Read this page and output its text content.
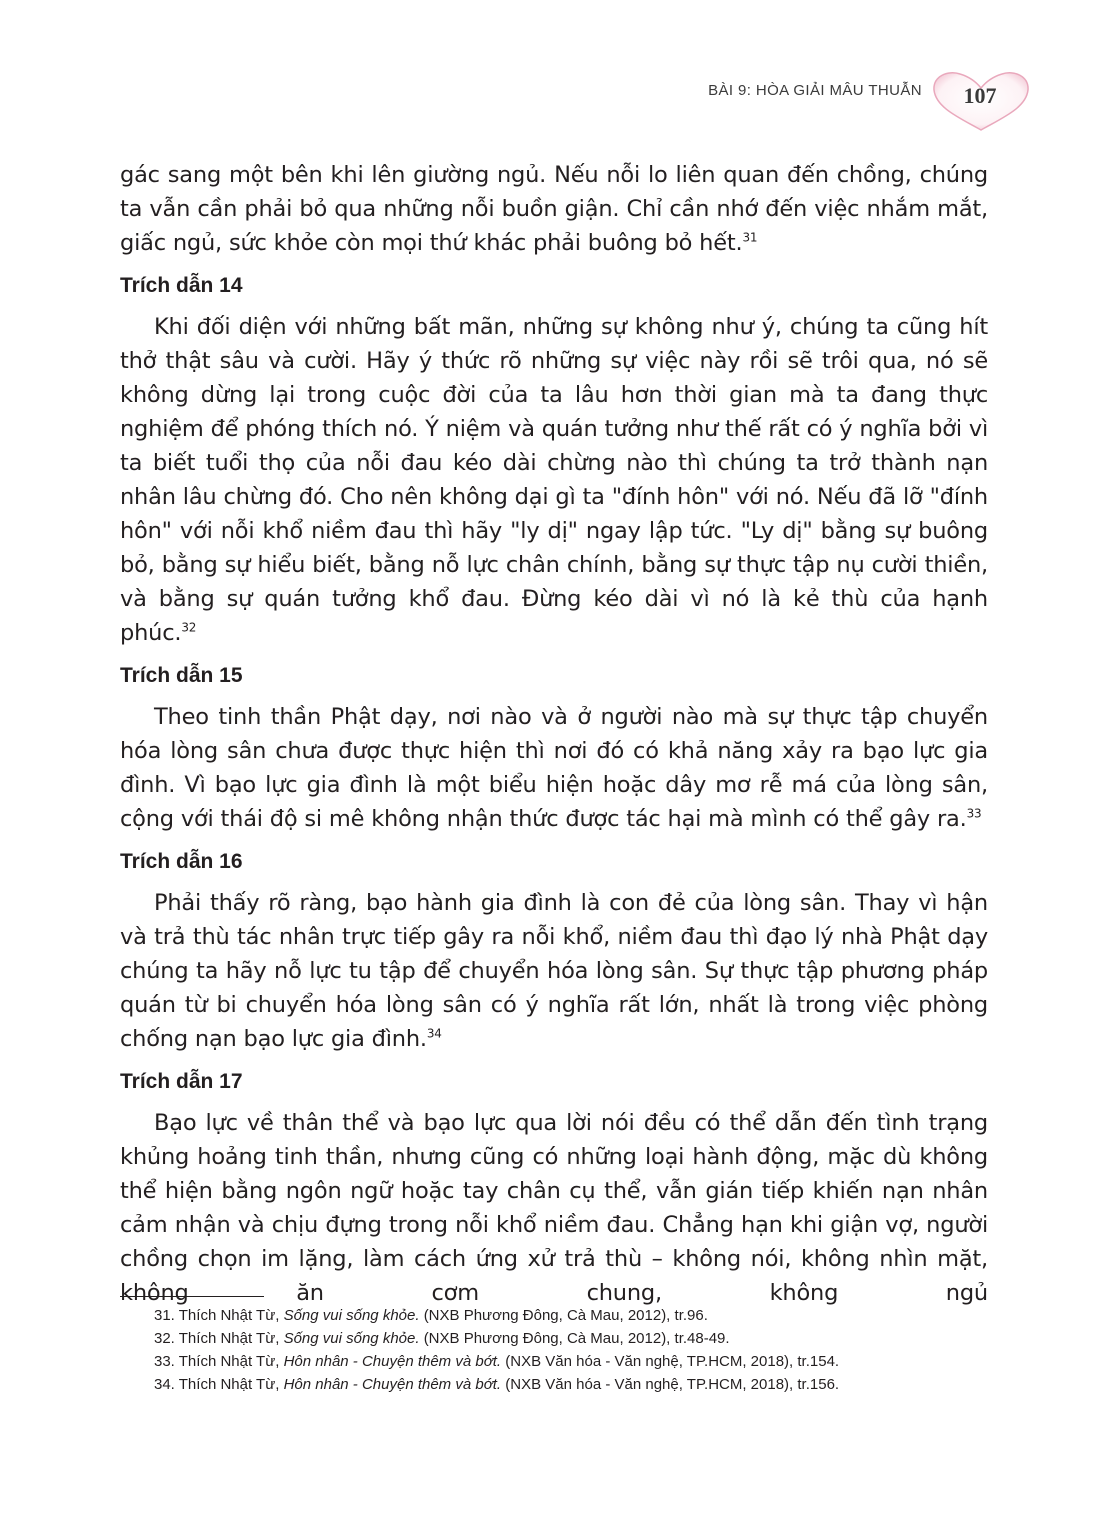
BÀI 9: HÒA GIẢI MÂU THUẪN	107

gác sang một bên khi lên giường ngủ. Nếu nỗi lo liên quan đến chồng, chúng ta vẫn cần phải bỏ qua những nỗi buồn giận. Chỉ cần nhớ đến việc nhắm mắt, giấc ngủ, sức khỏe còn mọi thứ khác phải buông bỏ hết.$^{31}$

Trích dẫn 14

Khi đối diện với những bất mãn, những sự không như ý, chúng ta cũng hít thở thật sâu và cười. Hãy ý thức rõ những sự việc này rồi sẽ trôi qua, nó sẽ không dừng lại trong cuộc đời của ta lâu hơn thời gian mà ta đang thực nghiệm để phóng thích nó. Ý niệm và quán tưởng như thế rất có ý nghĩa bởi vì ta biết tuổi thọ của nỗi đau kéo dài chừng nào thì chúng ta trở thành nạn nhân lâu chừng đó. Cho nên không dại gì ta "đính hôn" với nó. Nếu đã lỡ "đính hôn" với nỗi khổ niềm đau thì hãy "ly dị" ngay lập tức. "Ly dị" bằng sự buông bỏ, bằng sự hiểu biết, bằng nỗ lực chân chính, bằng sự thực tập nụ cười thiền, và bằng sự quán tưởng khổ đau. Đừng kéo dài vì nó là kẻ thù của hạnh phúc.$^{32}$

Trích dẫn 15

Theo tinh thần Phật dạy, nơi nào và ở người nào mà sự thực tập chuyển hóa lòng sân chưa được thực hiện thì nơi đó có khả năng xảy ra bạo lực gia đình. Vì bạo lực gia đình là một biểu hiện hoặc dây mơ rễ má của lòng sân, cộng với thái độ si mê không nhận thức được tác hại mà mình có thể gây ra.$^{33}$

Trích dẫn 16

Phải thấy rõ ràng, bạo hành gia đình là con đẻ của lòng sân. Thay vì hận và trả thù tác nhân trực tiếp gây ra nỗi khổ, niềm đau thì đạo lý nhà Phật dạy chúng ta hãy nỗ lực tu tập để chuyển hóa lòng sân. Sự thực tập phương pháp quán từ bi chuyển hóa lòng sân có ý nghĩa rất lớn, nhất là trong việc phòng chống nạn bạo lực gia đình.$^{34}$

Trích dẫn 17

Bạo lực về thân thể và bạo lực qua lời nói đều có thể dẫn đến tình trạng khủng hoảng tinh thần, nhưng cũng có những loại hành động, mặc dù không thể hiện bằng ngôn ngữ hoặc tay chân cụ thể, vẫn gián tiếp khiến nạn nhân cảm nhận và chịu đựng trong nỗi khổ niềm đau. Chẳng hạn khi giận vợ, người chồng chọn im lặng, làm cách ứng xử trả thù – không nói, không nhìn mặt, không ăn cơm chung, không ngủ

31. Thích Nhật Từ, Sống vui sống khỏe. (NXB Phương Đông, Cà Mau, 2012), tr.96.
32. Thích Nhật Từ, Sống vui sống khỏe. (NXB Phương Đông, Cà Mau, 2012), tr.48-49.
33. Thích Nhật Từ, Hôn nhân - Chuyện thêm và bớt. (NXB Văn hóa - Văn nghệ, TP.HCM, 2018), tr.154.
34. Thích Nhật Từ, Hôn nhân - Chuyện thêm và bớt. (NXB Văn hóa - Văn nghệ, TP.HCM, 2018), tr.156.
